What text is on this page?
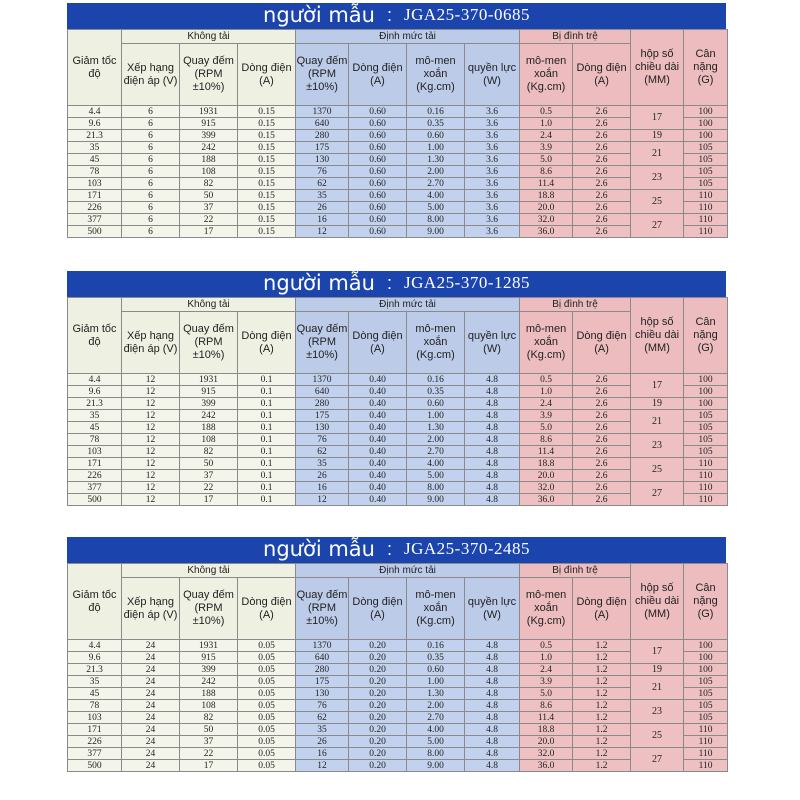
người mẫu : JGA25-370-0685
Giảm tốc độ	Không tải			Định mức tải				Bị đình trệ		hộp số chiều dài (MM)	Cân nặng (G)
	Xếp hạng điện áp (V)	Quay đếm (RPM ±10%)	Dòng điện (A)	Quay đếm (RPM ±10%)	Dòng điện (A)	mô-men xoắn (Kg.cm)	quyền lực (W)	mô-men xoắn (Kg.cm)	Dòng điện (A)		
4.4	6	1931	0.15	1370	0.60	0.16	3.6	0.5	2.6	17	100
9.6	6	915	0.15	640	0.60	0.35	3.6	1.0	2.6		100
21.3	6	399	0.15	280	0.60	0.60	3.6	2.4	2.6	19	100
35	6	242	0.15	175	0.60	1.00	3.6	3.9	2.6	21	105
45	6	188	0.15	130	0.60	1.30	3.6	5.0	2.6		105
78	6	108	0.15	76	0.60	2.00	3.6	8.6	2.6	23	105
103	6	82	0.15	62	0.60	2.70	3.6	11.4	2.6		105
171	6	50	0.15	35	0.60	4.00	3.6	18.8	2.6	25	110
226	6	37	0.15	26	0.60	5.00	3.6	20.0	2.6		110
377	6	22	0.15	16	0.60	8.00	3.6	32.0	2.6	27	110
500	6	17	0.15	12	0.60	9.00	3.6	36.0	2.6		110
người mẫu : JGA25-370-1285
Giảm tốc độ	Không tải			Định mức tải				Bị đình trệ		hộp số chiều dài (MM)	Cân nặng (G)
	Xếp hạng điện áp (V)	Quay đếm (RPM ±10%)	Dòng điện (A)	Quay đếm (RPM ±10%)	Dòng điện (A)	mô-men xoắn (Kg.cm)	quyền lực (W)	mô-men xoắn (Kg.cm)	Dòng điện (A)		
4.4	12	1931	0.1	1370	0.40	0.16	4.8	0.5	2.6	17	100
9.6	12	915	0.1	640	0.40	0.35	4.8	1.0	2.6		100
21.3	12	399	0.1	280	0.40	0.60	4.8	2.4	2.6	19	100
35	12	242	0.1	175	0.40	1.00	4.8	3.9	2.6	21	105
45	12	188	0.1	130	0.40	1.30	4.8	5.0	2.6		105
78	12	108	0.1	76	0.40	2.00	4.8	8.6	2.6	23	105
103	12	82	0.1	62	0.40	2.70	4.8	11.4	2.6		105
171	12	50	0.1	35	0.40	4.00	4.8	18.8	2.6	25	110
226	12	37	0.1	26	0.40	5.00	4.8	20.0	2.6		110
377	12	22	0.1	16	0.40	8.00	4.8	32.0	2.6	27	110
500	12	17	0.1	12	0.40	9.00	4.8	36.0	2.6		110
người mẫu : JGA25-370-2485
Giảm tốc độ	Không tải			Định mức tải				Bị đình trệ		hộp số chiều dài (MM)	Cân nặng (G)
	Xếp hạng điện áp (V)	Quay đếm (RPM ±10%)	Dòng điện (A)	Quay đếm (RPM ±10%)	Dòng điện (A)	mô-men xoắn (Kg.cm)	quyền lực (W)	mô-men xoắn (Kg.cm)	Dòng điện (A)		
4.4	24	1931	0.05	1370	0.20	0.16	4.8	0.5	1.2	17	100
9.6	24	915	0.05	640	0.20	0.35	4.8	1.0	1.2		100
21.3	24	399	0.05	280	0.20	0.60	4.8	2.4	1.2	19	100
35	24	242	0.05	175	0.20	1.00	4.8	3.9	1.2	21	105
45	24	188	0.05	130	0.20	1.30	4.8	5.0	1.2		105
78	24	108	0.05	76	0.20	2.00	4.8	8.6	1.2	23	105
103	24	82	0.05	62	0.20	2.70	4.8	11.4	1.2		105
171	24	50	0.05	35	0.20	4.00	4.8	18.8	1.2	25	110
226	24	37	0.05	26	0.20	5.00	4.8	20.0	1.2		110
377	24	22	0.05	16	0.20	8.00	4.8	32.0	1.2	27	110
500	24	17	0.05	12	0.20	9.00	4.8	36.0	1.2		110
